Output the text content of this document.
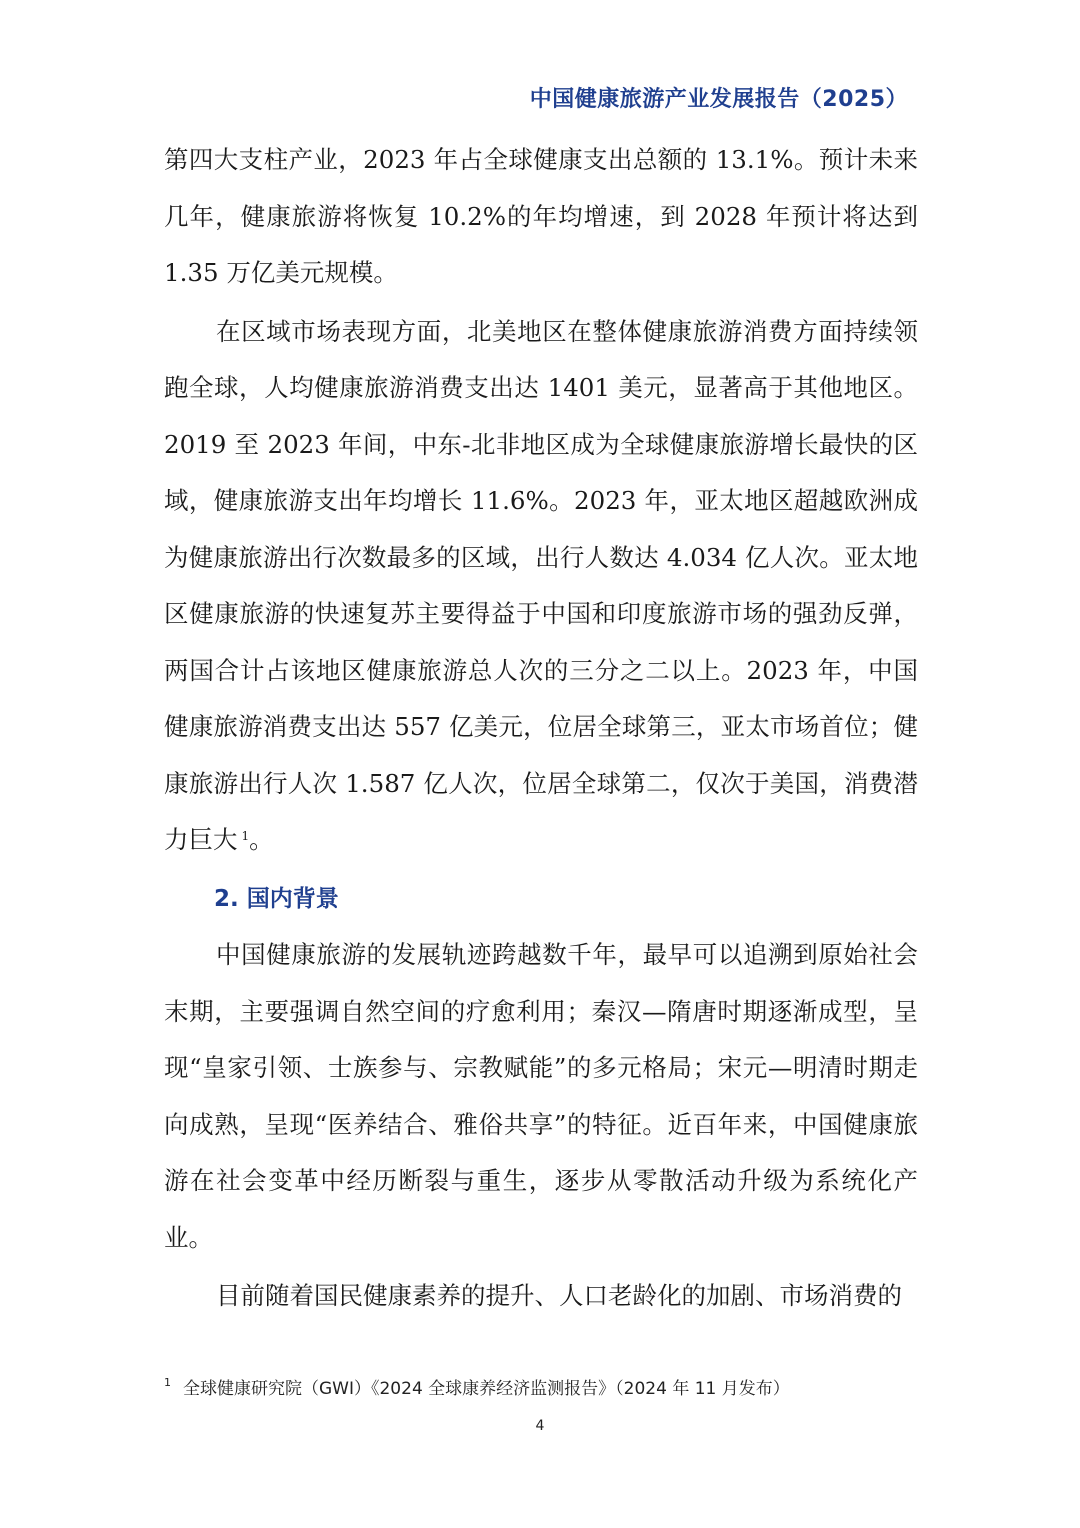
中国健康旅游产业发展报告（2025）

第四大支柱产业，2023 年占全球健康支出总额的 13.1%。预计未来几年，健康旅游将恢复 10.2%的年均增速，到 2028 年预计将达到 1.35 万亿美元规模。

在区域市场表现方面，北美地区在整体健康旅游消费方面持续领跑全球，人均健康旅游消费支出达 1401 美元，显著高于其他地区。2019 至 2023 年间，中东-北非地区成为全球健康旅游增长最快的区域，健康旅游支出年均增长 11.6%。2023 年，亚太地区超越欧洲成为健康旅游出行次数最多的区域，出行人数达 4.034 亿人次。亚太地区健康旅游的快速复苏主要得益于中国和印度旅游市场的强劲反弹，两国合计占该地区健康旅游总人次的三分之二以上。2023 年，中国健康旅游消费支出达 557 亿美元，位居全球第三，亚太市场首位；健康旅游出行人次 1.587 亿人次，位居全球第二，仅次于美国，消费潜力巨大 $^1$。

2. 国内背景

中国健康旅游的发展轨迹跨越数千年，最早可以追溯到原始社会末期，主要强调自然空间的疗愈利用；秦汉—隋唐时期逐渐成型，呈现“皇家引领、士族参与、宗教赋能”的多元格局；宋元—明清时期走向成熟，呈现“医养结合、雅俗共享”的特征。近百年来，中国健康旅游在社会变革中经历断裂与重生，逐步从零散活动升级为系统化产业。

目前随着国民健康素养的提升、人口老龄化的加剧、市场消费的

$^1$ 全球健康研究院（GWI）《2024 全球康养经济监测报告》（2024 年 11 月发布）
4
